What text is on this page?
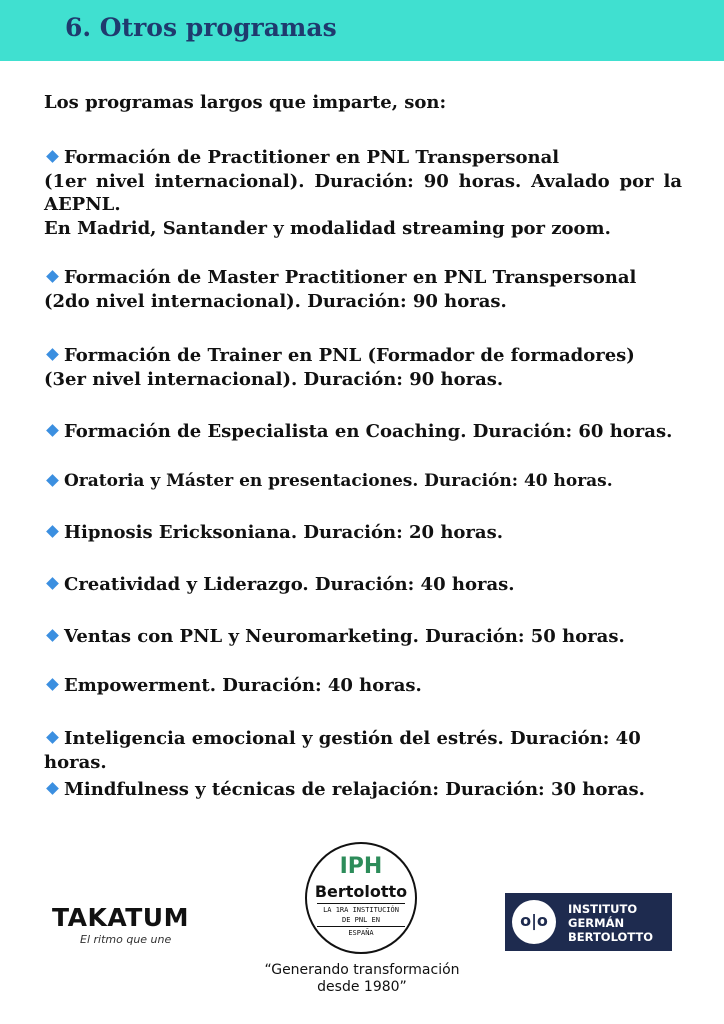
6. Otros programas
Los programas largos que imparte, son:
Formación de Practitioner en PNL Transpersonal
(1er nivel internacional). Duración: 90 horas. Avalado por la
AEPNL.
En Madrid, Santander y modalidad streaming por zoom.
Formación de Master Practitioner en PNL Transpersonal
(2do nivel internacional). Duración: 90 horas.
Formación de Trainer en PNL (Formador de formadores)
(3er nivel internacional). Duración: 90 horas.
Formación de Especialista en Coaching. Duración: 60 horas.
Oratoria y Máster en presentaciones. Duración: 40 horas.
Hipnosis Ericksoniana. Duración: 20 horas.
Creatividad y Liderazgo. Duración: 40 horas.
Ventas con PNL y Neuromarketing. Duración: 50 horas.
Empowerment. Duración: 40 horas.
Inteligencia emocional y gestión del estrés. Duración: 40 horas.
Mindfulness y técnicas de relajación: Duración: 30 horas.
TAKATUM
El ritmo que une
IPH
Bertolotto
LA 1RA INSTITUCIÓN
DE PNL EN
ESPAÑA
“Generando transformación
desde 1980”
o|o
INSTITUTO
GERMÁN
BERTOLOTTO
